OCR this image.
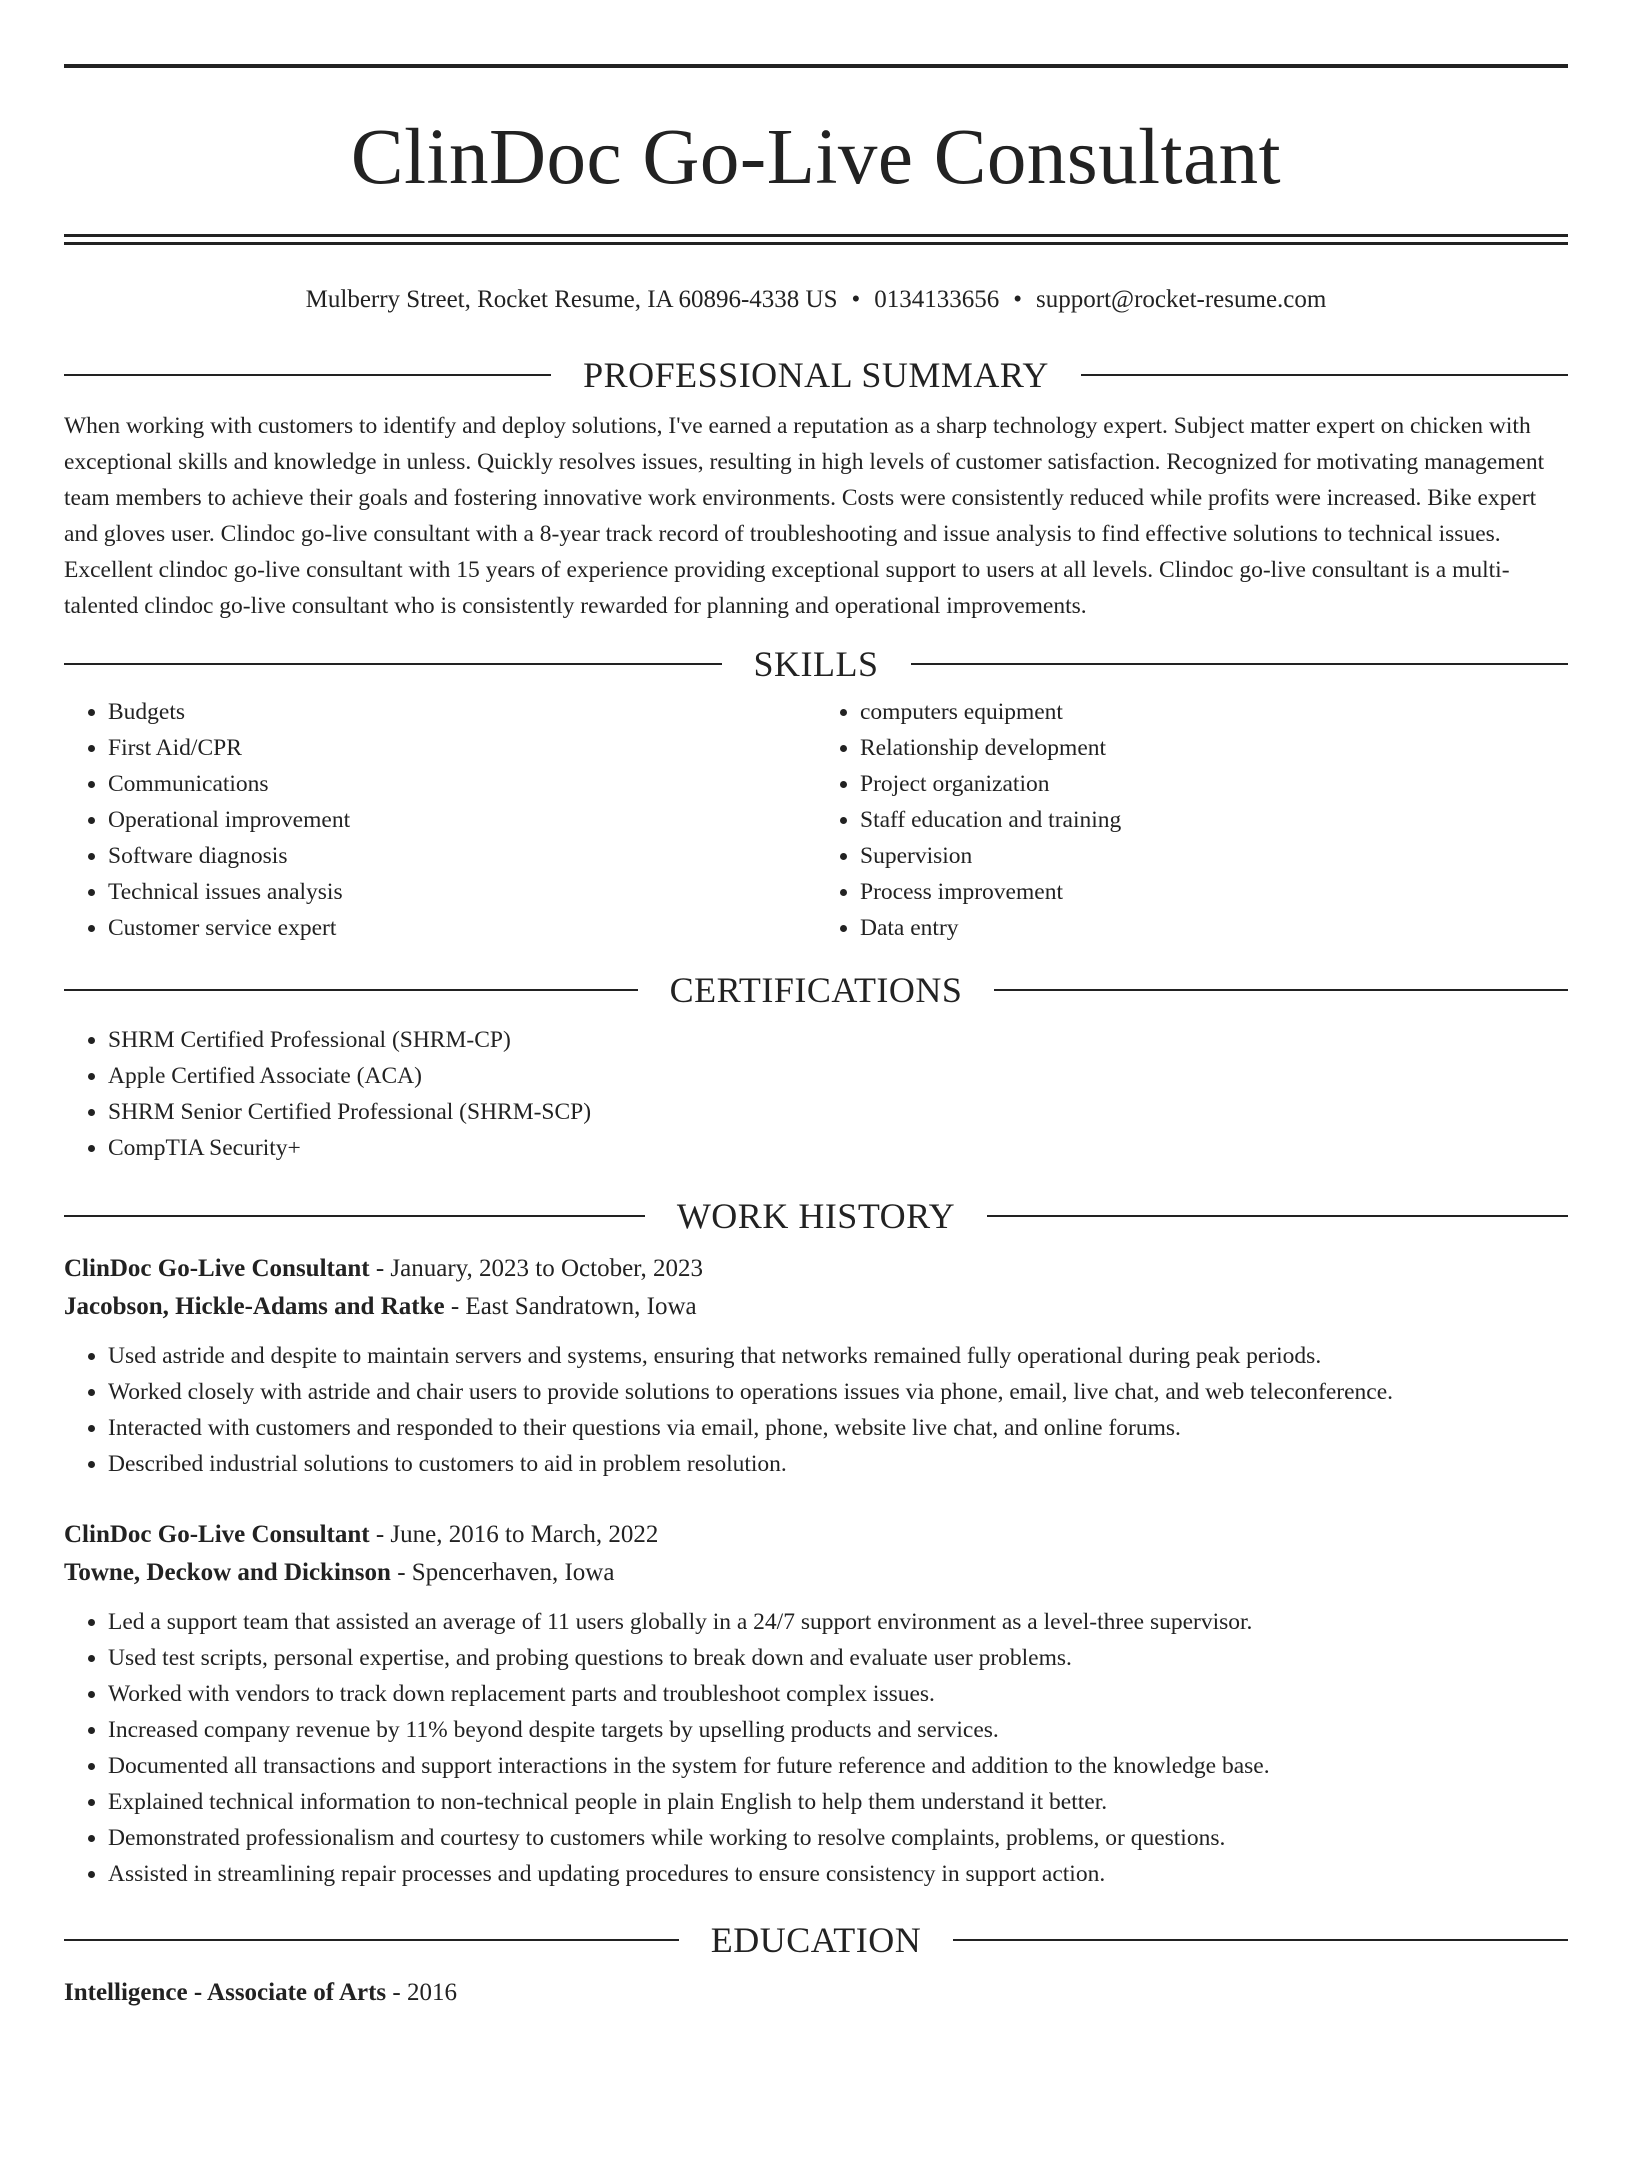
ClinDoc Go-Live Consultant
Mulberry Street, Rocket Resume, IA 60896-4338 US • 0134133656 • support@rocket-resume.com
PROFESSIONAL SUMMARY

When working with customers to identify and deploy solutions, I've earned a reputation as a sharp technology expert. Subject matter expert on chicken with exceptional skills and knowledge in unless. Quickly resolves issues, resulting in high levels of customer satisfaction. Recognized for motivating management team members to achieve their goals and fostering innovative work environments. Costs were consistently reduced while profits were increased. Bike expert and gloves user. Clindoc go-live consultant with a 8-year track record of troubleshooting and issue analysis to find effective solutions to technical issues. Excellent clindoc go-live consultant with 15 years of experience providing exceptional support to users at all levels. Clindoc go-live consultant is a multi-talented clindoc go-live consultant who is consistently rewarded for planning and operational improvements.

SKILLS
• Budgets
• First Aid/CPR
• Communications
• Operational improvement
• Software diagnosis
• Technical issues analysis
• Customer service expert
• computers equipment
• Relationship development
• Project organization
• Staff education and training
• Supervision
• Process improvement
• Data entry
CERTIFICATIONS
• SHRM Certified Professional (SHRM-CP)
• Apple Certified Associate (ACA)
• SHRM Senior Certified Professional (SHRM-SCP)
• CompTIA Security+
WORK HISTORY
ClinDoc Go-Live Consultant - January, 2023 to October, 2023
Jacobson, Hickle-Adams and Ratke - East Sandratown, Iowa
• Used astride and despite to maintain servers and systems, ensuring that networks remained fully operational during peak periods.
• Worked closely with astride and chair users to provide solutions to operations issues via phone, email, live chat, and web teleconference.
• Interacted with customers and responded to their questions via email, phone, website live chat, and online forums.
• Described industrial solutions to customers to aid in problem resolution.
ClinDoc Go-Live Consultant - June, 2016 to March, 2022
Towne, Deckow and Dickinson - Spencerhaven, Iowa
• Led a support team that assisted an average of 11 users globally in a 24/7 support environment as a level-three supervisor.
• Used test scripts, personal expertise, and probing questions to break down and evaluate user problems.
• Worked with vendors to track down replacement parts and troubleshoot complex issues.
• Increased company revenue by 11% beyond despite targets by upselling products and services.
• Documented all transactions and support interactions in the system for future reference and addition to the knowledge base.
• Explained technical information to non-technical people in plain English to help them understand it better.
• Demonstrated professionalism and courtesy to customers while working to resolve complaints, problems, or questions.
• Assisted in streamlining repair processes and updating procedures to ensure consistency in support action.
EDUCATION
Intelligence - Associate of Arts - 2016
